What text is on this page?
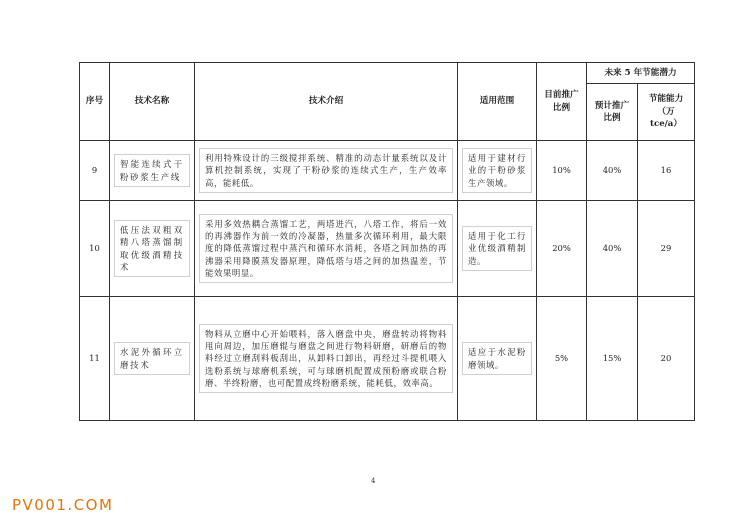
序号	技术名称	技术介绍	适用范围	目前推广比例	未来 5 年节能潜力	
					预计推广比例	节能能力（万 tce/a）
9	智能连续式干粉砂浆生产线	利用特殊设计的三级搅拌系统、精准的动态计量系统以及计算机控制系统，实现了干粉砂浆的连续式生产，生产效率高，能耗低。	适用于建材行业的干粉砂浆生产领域。	10%	40%	16
10	低压法双粗双精八塔蒸馏制取优级酒精技术	采用多效热耦合蒸馏工艺，两塔进汽，八塔工作，将后一效的再沸器作为前一效的冷凝器，热量多次循环利用，最大限度的降低蒸馏过程中蒸汽和循环水消耗，各塔之间加热的再沸器采用降膜蒸发器原理，降低塔与塔之间的加热温差，节能效果明显。	适用于化工行业优级酒精制造。	20%	40%	29
11	水泥外循环立磨技术	物料从立磨中心开始喂料，落入磨盘中央，磨盘转动将物料甩向周边，加压磨辊与磨盘之间进行物料研磨，研磨后的物料经过立磨刮料板刮出，从卸料口卸出，再经过斗提机喂入选粉系统与球磨机系统，可与球磨机配置成预粉磨或联合粉磨、半终粉磨，也可配置成终粉磨系统，能耗低，效率高。	适应于水泥粉磨领域。	5%	15%	20
4
PV001.COM
